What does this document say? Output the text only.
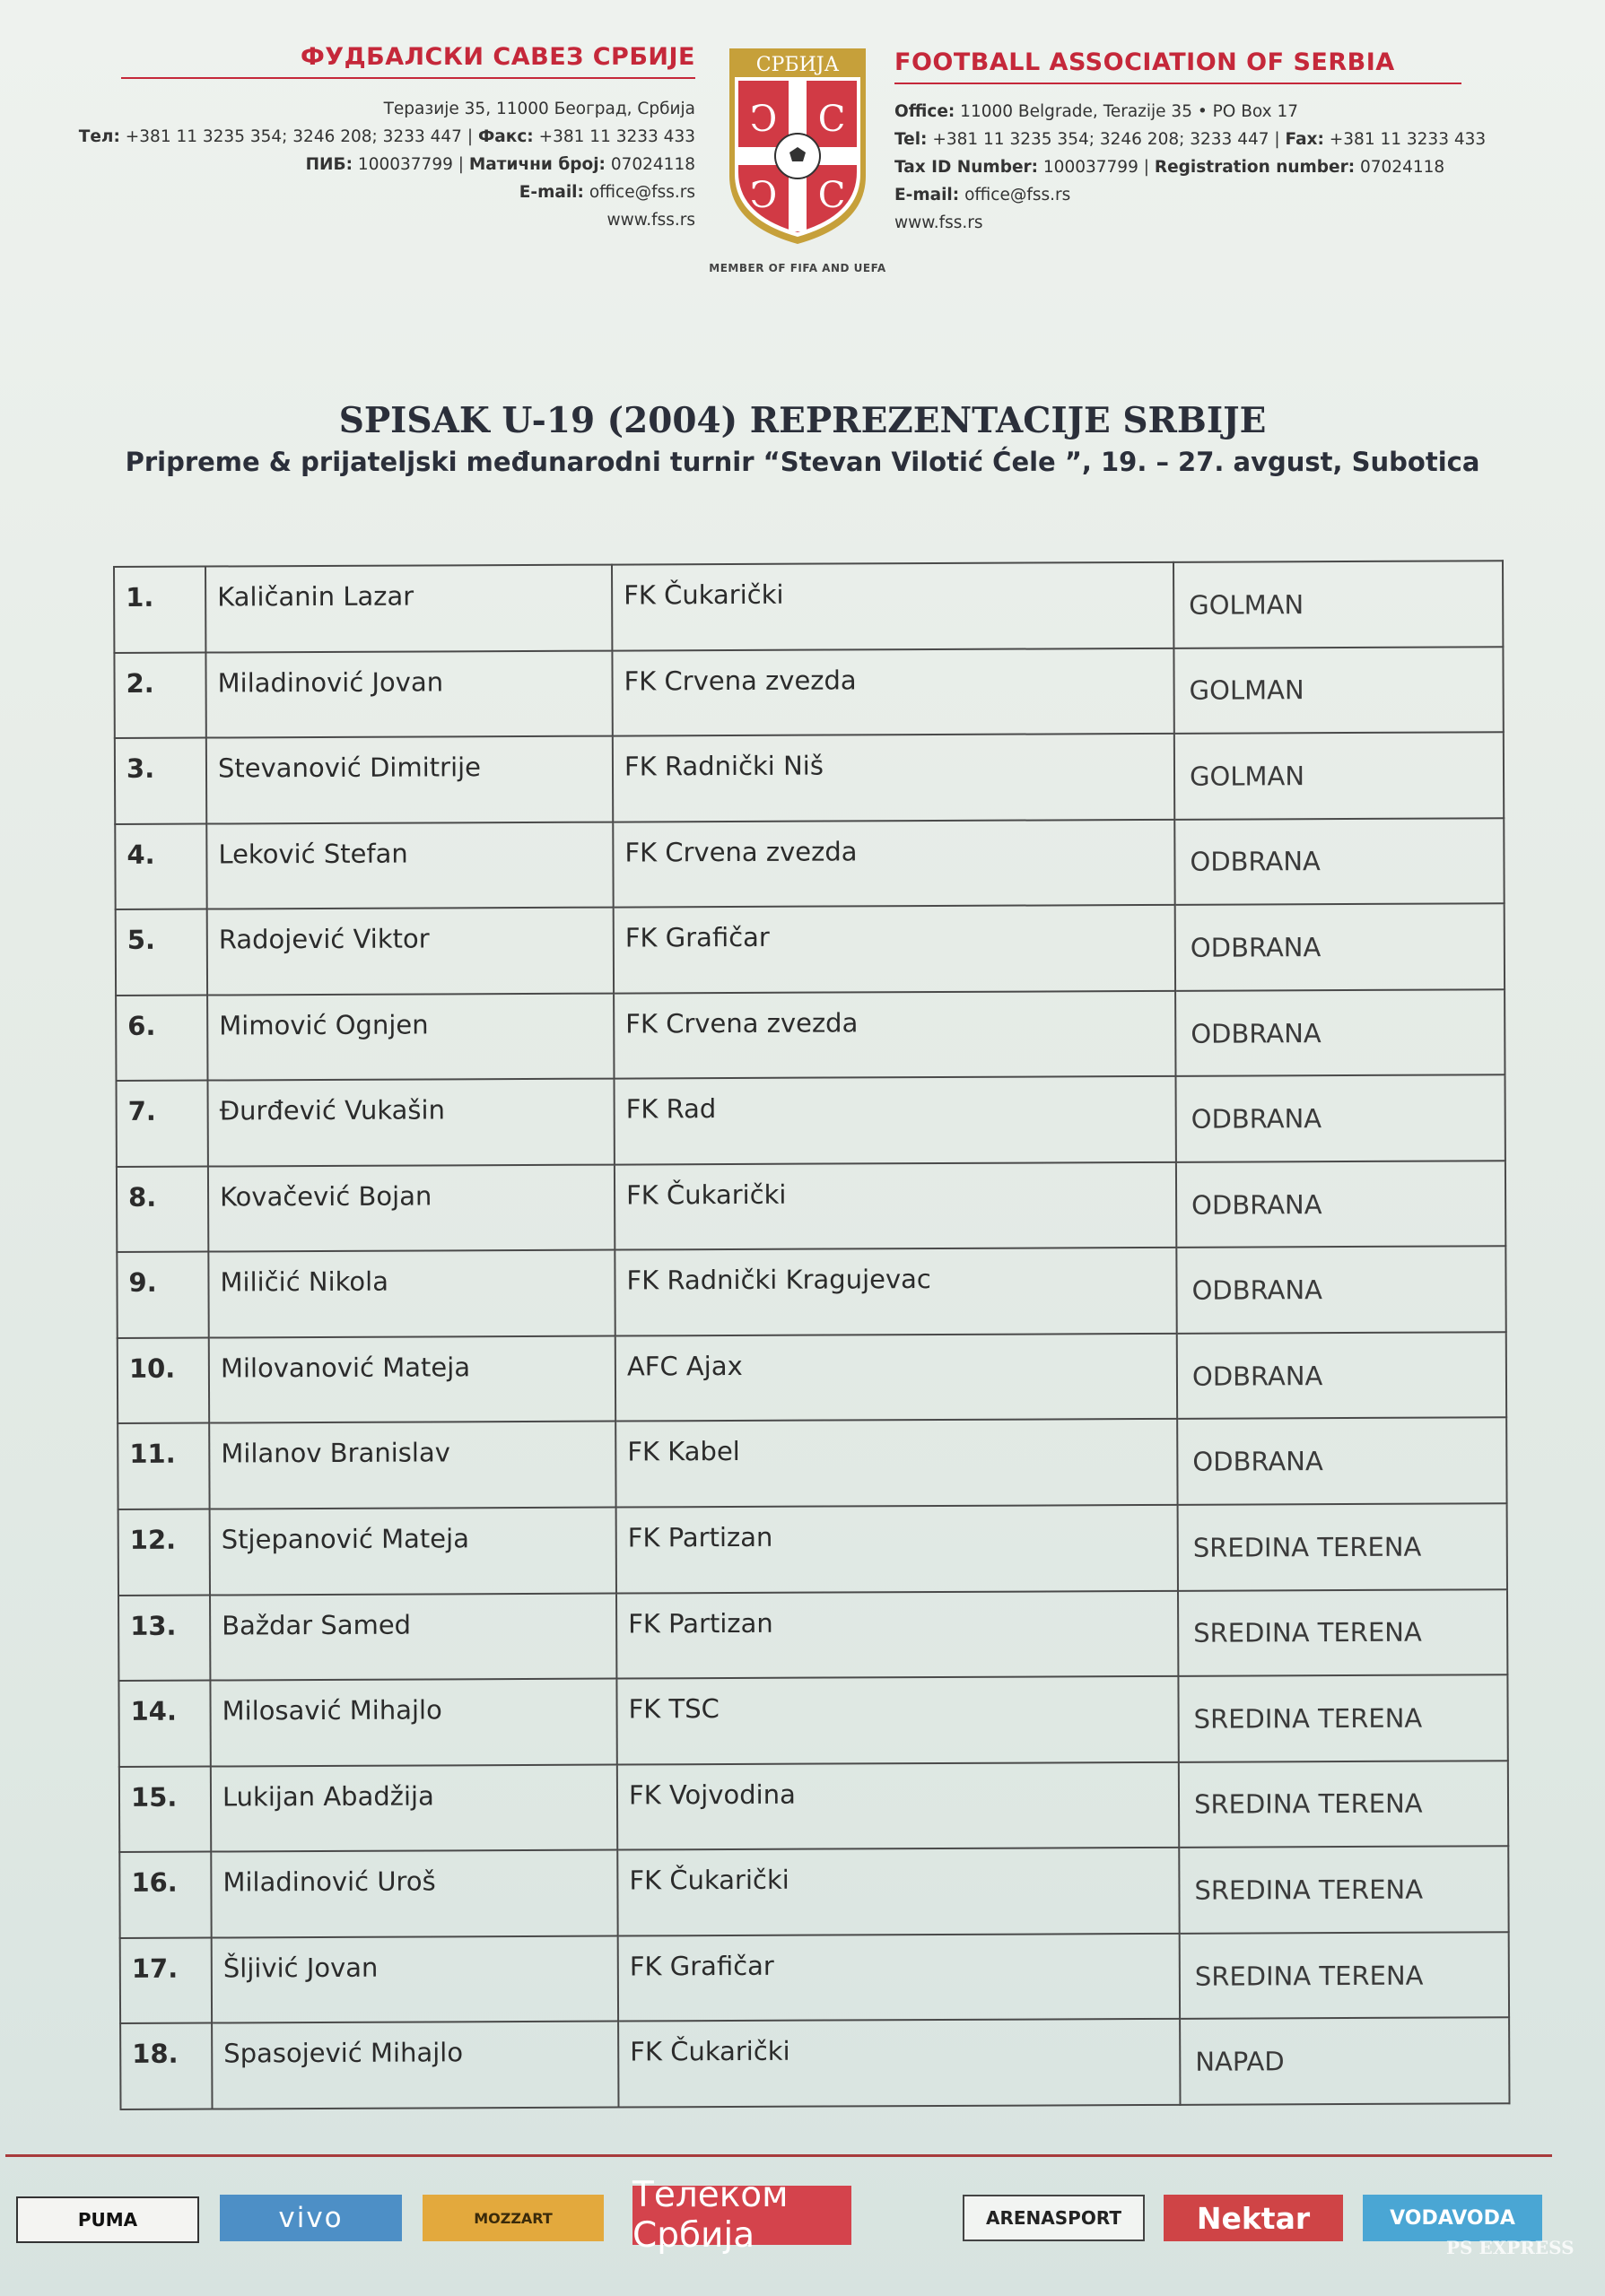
ФУДБАЛСКИ САВЕЗ СРБИЈЕ
Теразије 35, 11000 Београд, Србија
Тел: +381 11 3235 354; 3246 208; 3233 447 | Факс: +381 11 3233 433
ПИБ: 100037799 | Матични број: 07024118
E-mail: office@fss.rs
www.fss.rs
СРБИЈА
Ͻ C
Ͻ C
MEMBER OF FIFA AND UEFA
FOOTBALL ASSOCIATION OF SERBIA
Office: 11000 Belgrade, Terazije 35 • PO Box 17
Tel: +381 11 3235 354; 3246 208; 3233 447 | Fax: +381 11 3233 433
Tax ID Number: 100037799 | Registration number: 07024118
E-mail: office@fss.rs
www.fss.rs
SPISAK U-19 (2004) REPREZENTACIJE SRBIJE
Pripreme & prijateljski međunarodni turnir “Stevan Vilotić Ćele ”, 19. – 27. avgust, Subotica
1.	Kaličanin Lazar	FK Čukarički	GOLMAN
2.	Miladinović Jovan	FK Crvena zvezda	GOLMAN
3.	Stevanović Dimitrije	FK Radnički Niš	GOLMAN
4.	Leković Stefan	FK Crvena zvezda	ODBRANA
5.	Radojević Viktor	FK Grafičar	ODBRANA
6.	Mimović Ognjen	FK Crvena zvezda	ODBRANA
7.	Đurđević Vukašin	FK Rad	ODBRANA
8.	Kovačević Bojan	FK Čukarički	ODBRANA
9.	Miličić Nikola	FK Radnički Kragujevac	ODBRANA
10.	Milovanović Mateja	AFC Ajax	ODBRANA
11.	Milanov Branislav	FK Kabel	ODBRANA
12.	Stjepanović Mateja	FK Partizan	SREDINA TERENA
13.	Baždar Samed	FK Partizan	SREDINA TERENA
14.	Milosavić Mihajlo	FK TSC	SREDINA TERENA
15.	Lukijan Abadžija	FK Vojvodina	SREDINA TERENA
16.	Miladinović Uroš	FK Čukarički	SREDINA TERENA
17.	Šljivić Jovan	FK Grafičar	SREDINA TERENA
18.	Spasojević Mihajlo	FK Čukarički	NAPAD
PUMA	vivo	MOZZART
Телеком Србија	ARENASPORT	Nektar	VODAVODA
PS EXPRESS
